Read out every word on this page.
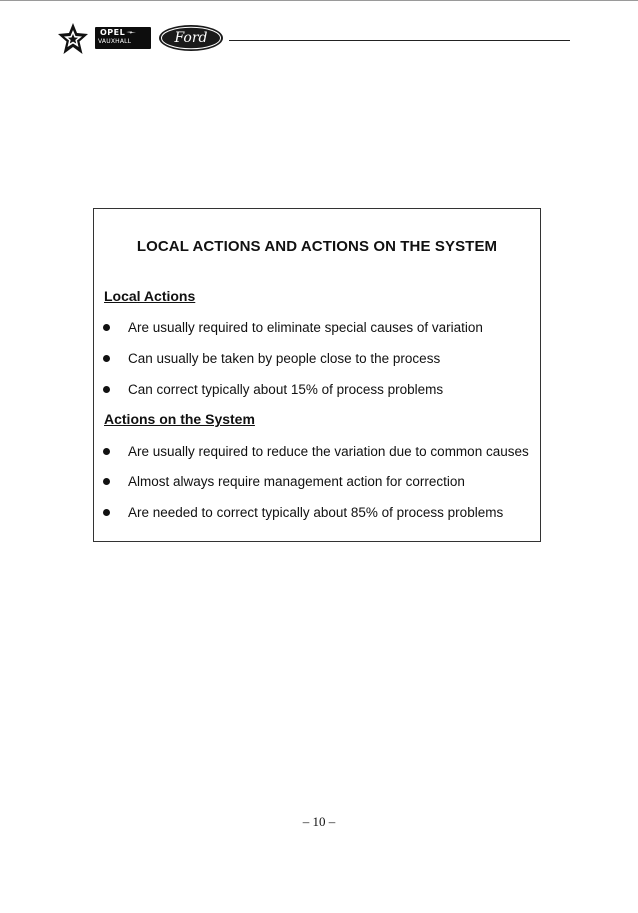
OPEL
VAUXHALL	Ford
LOCAL ACTIONS AND ACTIONS ON THE SYSTEM
Local Actions
Are usually required to eliminate special causes of variation
Can usually be taken by people close to the process
Can correct typically about 15% of process problems
Actions on the System
Are usually required to reduce the variation due to common causes
Almost always require management action for correction
Are needed to correct typically about 85% of process problems
– 10 –
